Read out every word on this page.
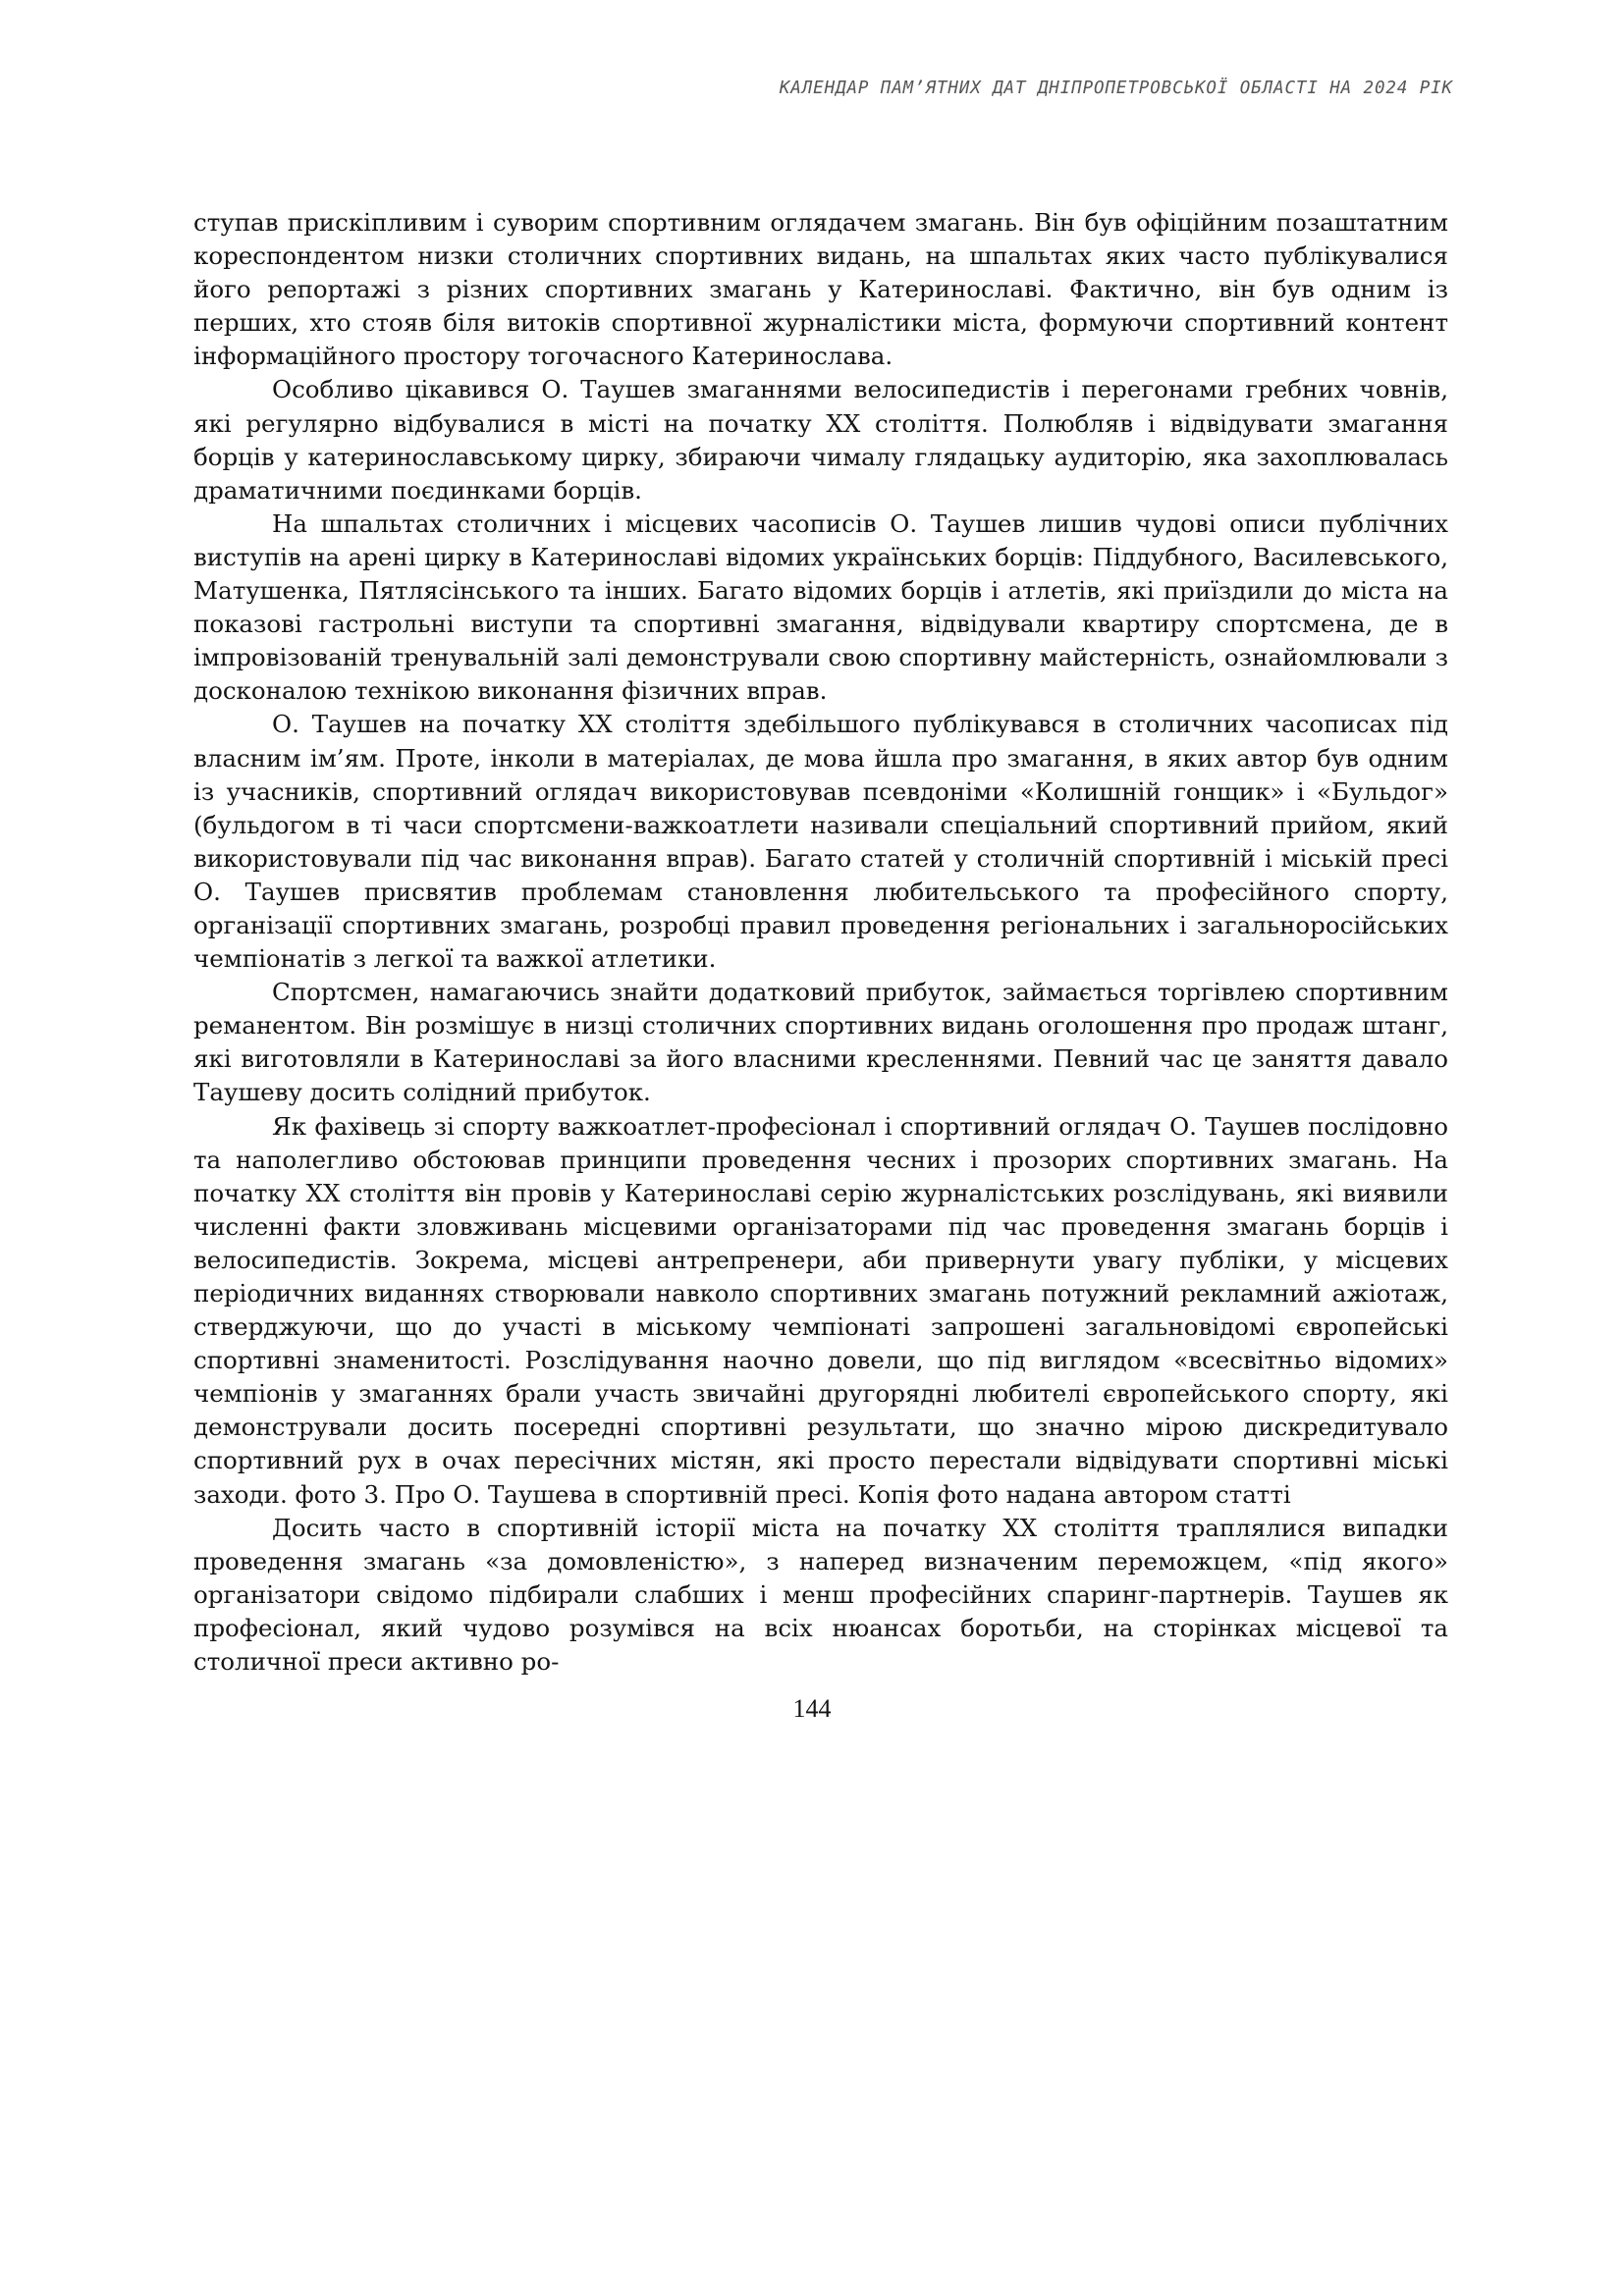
КАЛЕНДАР ПАМ’ЯТНИХ ДАТ ДНІПРОПЕТРОВСЬКОЇ ОБЛАСТІ НА 2024 РІК

ступав прискіпливим і суворим спортивним оглядачем змагань. Він був офіційним позаштатним кореспондентом низки столичних спортивних видань, на шпальтах яких часто публікувалися його репортажі з різних спортивних змагань у Катеринославі. Фактично, він був одним із перших, хто стояв біля витоків спортивної журналістики міста, формуючи спортивний контент інформаційного простору тогочасного Катеринослава.

Особливо цікавився О. Таушев змаганнями велосипедистів і перегонами гребних човнів, які регулярно відбувалися в місті на початку ХХ століття. Полюбляв і відвідувати змагання борців у катеринославському цирку, збираючи чималу глядацьку аудиторію, яка захоплювалась драматичними поєдинками борців.

На шпальтах столичних і місцевих часописів О. Таушев лишив чудові описи публічних виступів на арені цирку в Катеринославі відомих українських борців: Піддубного, Василевського, Матушенка, Пятлясінського та інших. Багато відомих борців і атлетів, які приїздили до міста на показові гастрольні виступи та спортивні змагання, відвідували квартиру спортсмена, де в імпровізованій тренувальній залі демонстрували свою спортивну майстерність, ознайомлювали з досконалою технікою виконання фізичних вправ.

О. Таушев на початку ХХ століття здебільшого публікувався в столичних часописах під власним ім’ям. Проте, інколи в матеріалах, де мова йшла про змагання, в яких автор був одним із учасників, спортивний оглядач використовував псевдоніми «Колишній гонщик» і «Бульдог» (бульдогом в ті часи спортсмени-важкоатлети називали спеціальний спортивний прийом, який використовували під час виконання вправ). Багато статей у столичній спортивній і міській пресі О. Таушев присвятив проблемам становлення любительського та професійного спорту, організації спортивних змагань, розробці правил проведення регіональних і загальноросійських чемпіонатів з легкої та важкої атлетики.

Спортсмен, намагаючись знайти додатковий прибуток, займається торгівлею спортивним реманентом. Він розмішує в низці столичних спортивних видань оголошення про продаж штанг, які виготовляли в Катеринославі за його власними кресленнями. Певний час це заняття давало Таушеву досить солідний прибуток.

Як фахівець зі спорту важкоатлет-професіонал і спортивний оглядач О. Таушев послідовно та наполегливо обстоював принципи проведення чесних і прозорих спортивних змагань. На початку ХХ століття він провів у Катеринославі серію журналістських розслідувань, які виявили численні факти зловживань місцевими організаторами під час проведення змагань борців і велосипедистів. Зокрема, місцеві антрепренери, аби привернути увагу публіки, у місцевих періодичних виданнях створювали навколо спортивних змагань потужний рекламний ажіотаж, стверджуючи, що до участі в міському чемпіонаті запрошені загальновідомі європейські спортивні знаменитості. Розслідування наочно довели, що під виглядом «всесвітньо відомих» чемпіонів у змаганнях брали участь звичайні другорядні любителі європейського спорту, які демонстрували досить посередні спортивні результати, що значно мірою дискредитувало спортивний рух в очах пересічних містян, які просто перестали відвідувати спортивні міські заходи. фото 3. Про О. Таушева в спортивній пресі. Копія фото надана автором статті

Досить часто в спортивній історії міста на початку ХХ століття траплялися випадки проведення змагань «за домовленістю», з наперед визначеним переможцем, «під якого» організатори свідомо підбирали слабших і менш професійних спаринг-партнерів. Таушев як професіонал, який чудово розумівся на всіх нюансах боротьби, на сторінках місцевої та столичної преси активно ро-

144
